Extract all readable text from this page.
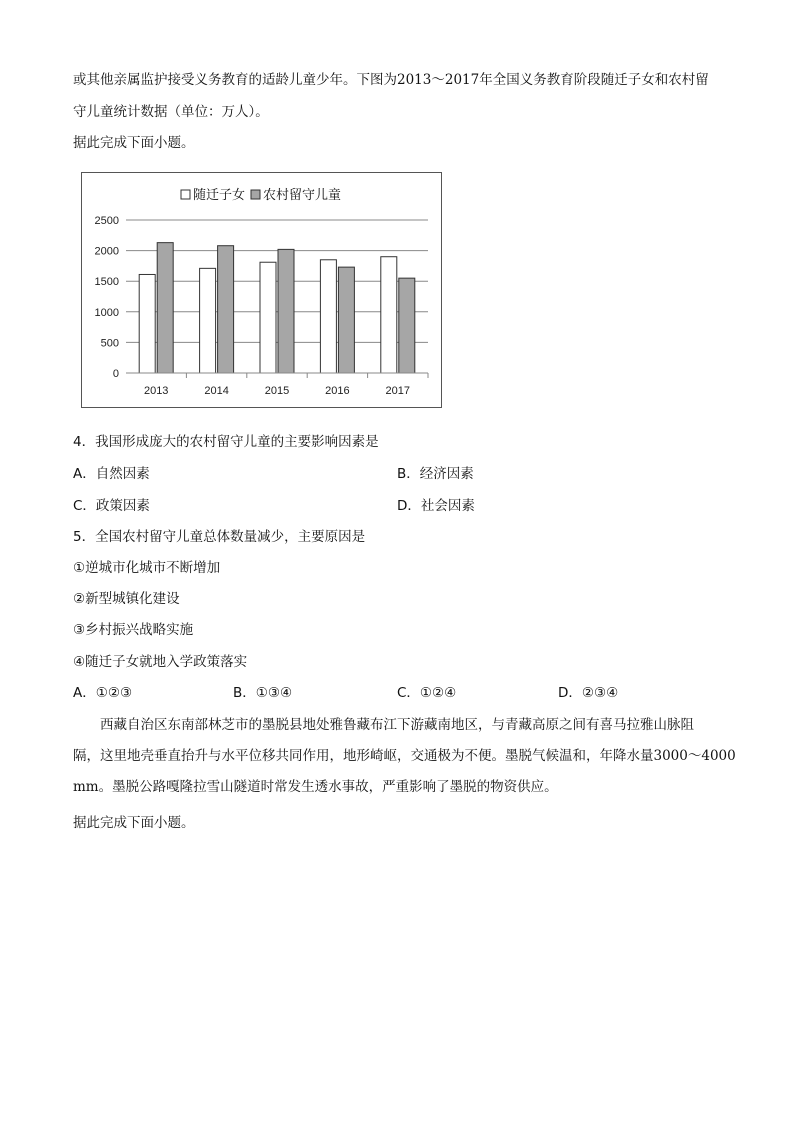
或其他亲属监护接受义务教育的适龄儿童少年。下图为2013～2017年全国义务教育阶段随迁子女和农村留
守儿童统计数据（单位：万人）。
据此完成下面小题。
随迁子女 农村留守儿童
0
500
1000
1500
2000
2500
2013	2014	2015	2016	2017
4．我国形成庞大的农村留守儿童的主要影响因素是
A．自然因素	B．经济因素
C．政策因素	D．社会因素
5．全国农村留守儿童总体数量减少，主要原因是
①逆城市化城市不断增加
②新型城镇化建设
③乡村振兴战略实施
④随迁子女就地入学政策落实
A．①②③	B．①③④	C．①②④	D．②③④
西藏自治区东南部林芝市的墨脱县地处雅鲁藏布江下游藏南地区，与青藏高原之间有喜马拉雅山脉阻
隔，这里地壳垂直抬升与水平位移共同作用，地形崎岖，交通极为不便。墨脱气候温和，年降水量3000～4000
mm。墨脱公路嘎隆拉雪山隧道时常发生透水事故，严重影响了墨脱的物资供应。
据此完成下面小题。
